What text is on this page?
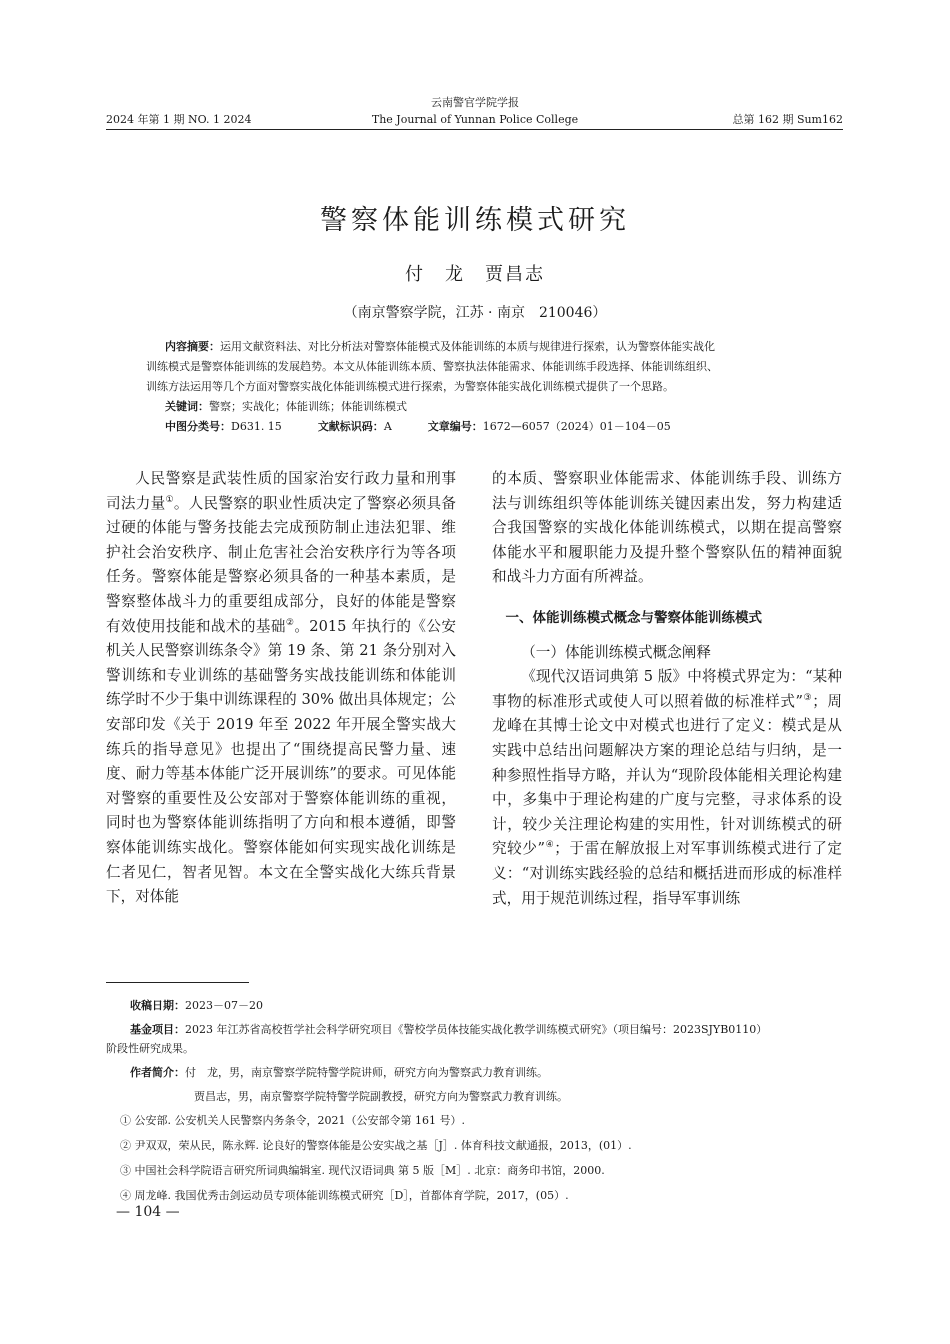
2024 年第 1 期 NO. 1 2024
云南警官学院学报
The Journal of Yunnan Police College	总第 162 期 Sum162
警察体能训练模式研究
付　龙　贾昌志
（南京警察学院，江苏 · 南京　210046）

内容摘要：运用文献资料法、对比分析法对警察体能模式及体能训练的本质与规律进行探索，认为警察体能实战化

训练模式是警察体能训练的发展趋势。本文从体能训练本质、警察执法体能需求、体能训练手段选择、体能训练组织、

训练方法运用等几个方面对警察实战化体能训练模式进行探索，为警察体能实战化训练模式提供了一个思路。

关键词：警察；实战化；体能训练；体能训练模式

中图分类号：D631. 15	文献标识码：A	文章编号：1672—6057（2024）01－104－05

人民警察是武装性质的国家治安行政力量和刑事司法力量①。人民警察的职业性质决定了警察必须具备过硬的体能与警务技能去完成预防制止违法犯罪、维护社会治安秩序、制止危害社会治安秩序行为等各项任务。警察体能是警察必须具备的一种基本素质，是警察整体战斗力的重要组成部分，良好的体能是警察有效使用技能和战术的基础②。2015 年执行的《公安机关人民警察训练条令》第 19 条、第 21 条分别对入警训练和专业训练的基础警务实战技能训练和体能训练学时不少于集中训练课程的 30% 做出具体规定；公安部印发《关于 2019 年至 2022 年开展全警实战大练兵的指导意见》也提出了“围绕提高民警力量、速度、耐力等基本体能广泛开展训练”的要求。可见体能对警察的重要性及公安部对于警察体能训练的重视，同时也为警察体能训练指明了方向和根本遵循，即警察体能训练实战化。警察体能如何实现实战化训练是仁者见仁，智者见智。本文在全警实战化大练兵背景下，对体能

的本质、警察职业体能需求、体能训练手段、训练方法与训练组织等体能训练关键因素出发，努力构建适合我国警察的实战化体能训练模式，以期在提高警察体能水平和履职能力及提升整个警察队伍的精神面貌和战斗力方面有所裨益。

一、体能训练模式概念与警察体能训练模式

（一）体能训练模式概念阐释

《现代汉语词典第 5 版》中将模式界定为：“某种事物的标准形式或使人可以照着做的标准样式”③；周龙峰在其博士论文中对模式也进行了定义：模式是从实践中总结出问题解决方案的理论总结与归纳，是一种参照性指导方略，并认为“现阶段体能相关理论构建中，多集中于理论构建的广度与完整，寻求体系的设计，较少关注理论构建的实用性，针对训练模式的研究较少”④；于雷在解放报上对军事训练模式进行了定义：“对训练实践经验的总结和概括进而形成的标准样式，用于规范训练过程，指导军事训练

收稿日期：2023－07－20

基金项目：2023 年江苏省高校哲学社会科学研究项目《警校学员体技能实战化教学训练模式研究》（项目编号：2023SJYB0110）
阶段性研究成果。

作者简介：付　龙，男，南京警察学院特警学院讲师，研究方向为警察武力教育训练。

贾昌志，男，南京警察学院特警学院副教授，研究方向为警察武力教育训练。

① 公安部. 公安机关人民警察内务条令，2021（公安部令第 161 号）.

② 尹双双，荣从民，陈永辉. 论良好的警察体能是公安实战之基［J］. 体育科技文献通报，2013，(01）.

③ 中国社会科学院语言研究所词典编辑室. 现代汉语词典 第 5 版［M］. 北京：商务印书馆，2000.

④ 周龙峰. 我国优秀击剑运动员专项体能训练模式研究［D］，首都体育学院，2017，(05）.

— 104 —
